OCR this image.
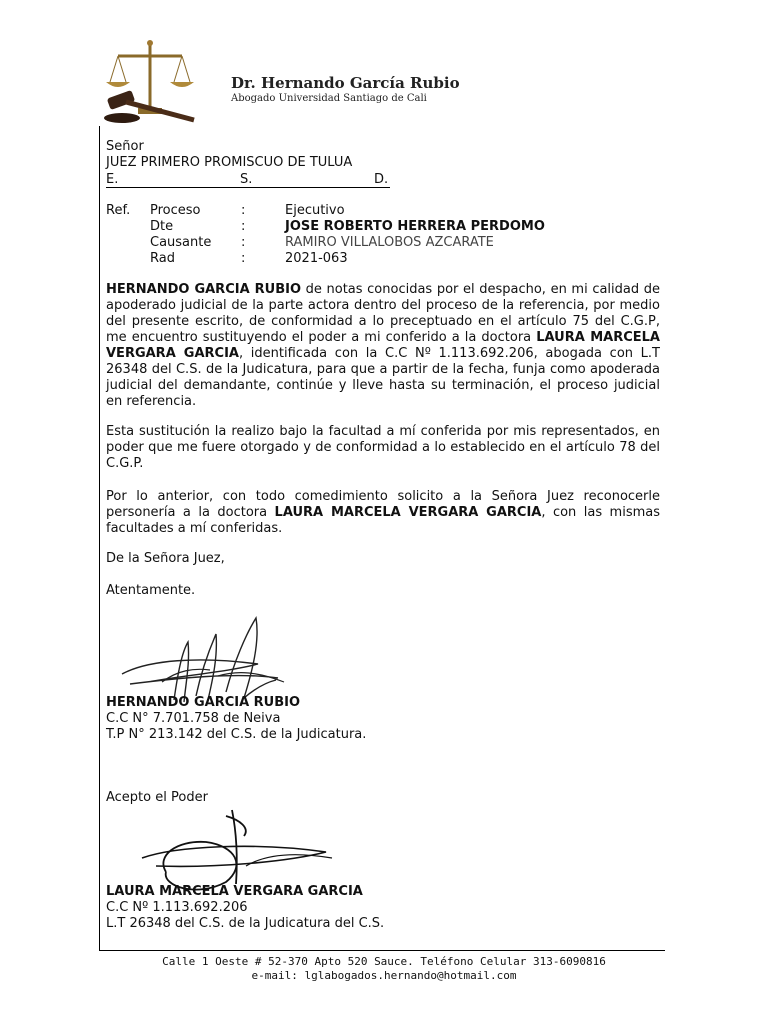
Dr. Hernando García Rubio
Abogado Universidad Santiago de Cali
Señor
JUEZ PRIMERO PROMISCUO DE TULUA
E.	S.	D.
Ref. Proceso	:	Ejecutivo
Dte	:	JOSE ROBERTO HERRERA PERDOMO
Causante :	RAMIRO VILLALOBOS AZCARATE
Rad	:	2021-063
HERNANDO GARCIA RUBIO de notas conocidas por el despacho, en mi calidad de apoderado judicial de la parte actora dentro del proceso de la referencia, por medio del presente escrito, de conformidad a lo preceptuado en el artículo 75 del C.G.P, me encuentro sustituyendo el poder a mi conferido a la doctora LAURA MARCELA VERGARA GARCIA, identificada con la C.C Nº 1.113.692.206, abogada con L.T 26348 del C.S. de la Judicatura, para que a partir de la fecha, funja como apoderada judicial del demandante, continúe y lleve hasta su terminación, el proceso judicial en referencia.
Esta sustitución la realizo bajo la facultad a mí conferida por mis representados, en poder que me fuere otorgado y de conformidad a lo establecido en el artículo 78 del C.G.P.
Por lo anterior, con todo comedimiento solicito a la Señora Juez reconocerle personería a la doctora LAURA MARCELA VERGARA GARCIA, con las mismas facultades a mí conferidas.
De la Señora Juez,
Atentamente.
HERNANDO GARCIA RUBIO
C.C N° 7.701.758 de Neiva
T.P N° 213.142 del C.S. de la Judicatura.
Acepto el Poder
LAURA MARCELA VERGARA GARCIA
C.C Nº 1.113.692.206
L.T 26348 del C.S. de la Judicatura del C.S.
Calle 1 Oeste # 52-370 Apto 520 Sauce. Teléfono Celular 313-6090816
e-mail: lglabogados.hernando@hotmail.com
